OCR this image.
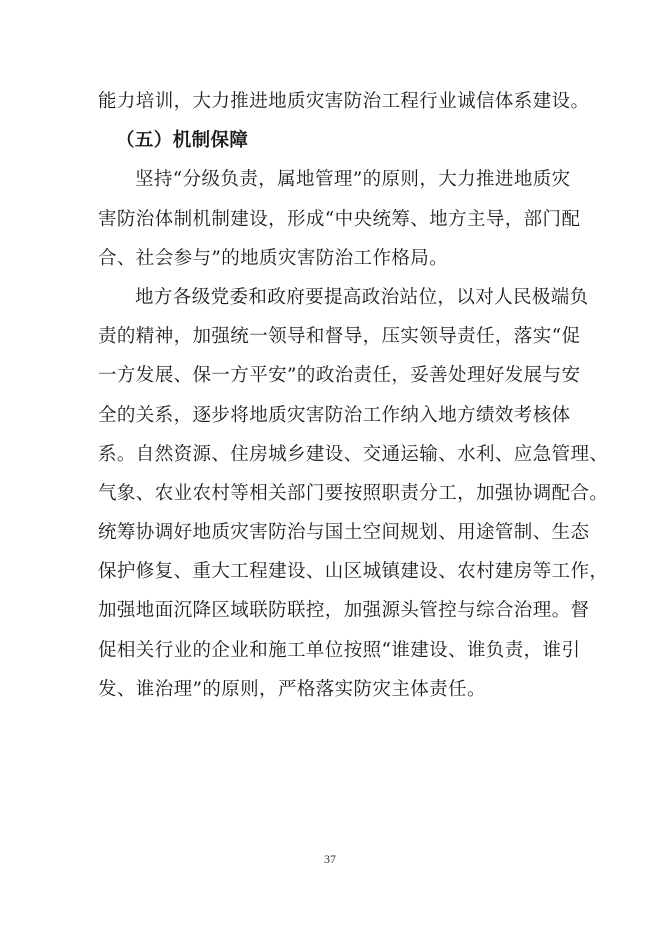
能力培训，大力推进地质灾害防治工程行业诚信体系建设。
（五）机制保障
坚持“分级负责，属地管理”的原则，大力推进地质灾
害防治体制机制建设，形成“中央统筹、地方主导，部门配
合、社会参与”的地质灾害防治工作格局。
地方各级党委和政府要提高政治站位，以对人民极端负
责的精神，加强统一领导和督导，压实领导责任，落实“促
一方发展、保一方平安”的政治责任，妥善处理好发展与安
全的关系，逐步将地质灾害防治工作纳入地方绩效考核体
系。自然资源、住房城乡建设、交通运输、水利、应急管理、
气象、农业农村等相关部门要按照职责分工，加强协调配合。
统筹协调好地质灾害防治与国土空间规划、用途管制、生态
保护修复、重大工程建设、山区城镇建设、农村建房等工作，
加强地面沉降区域联防联控，加强源头管控与综合治理。督
促相关行业的企业和施工单位按照“谁建设、谁负责，谁引
发、谁治理”的原则，严格落实防灾主体责任。
37
